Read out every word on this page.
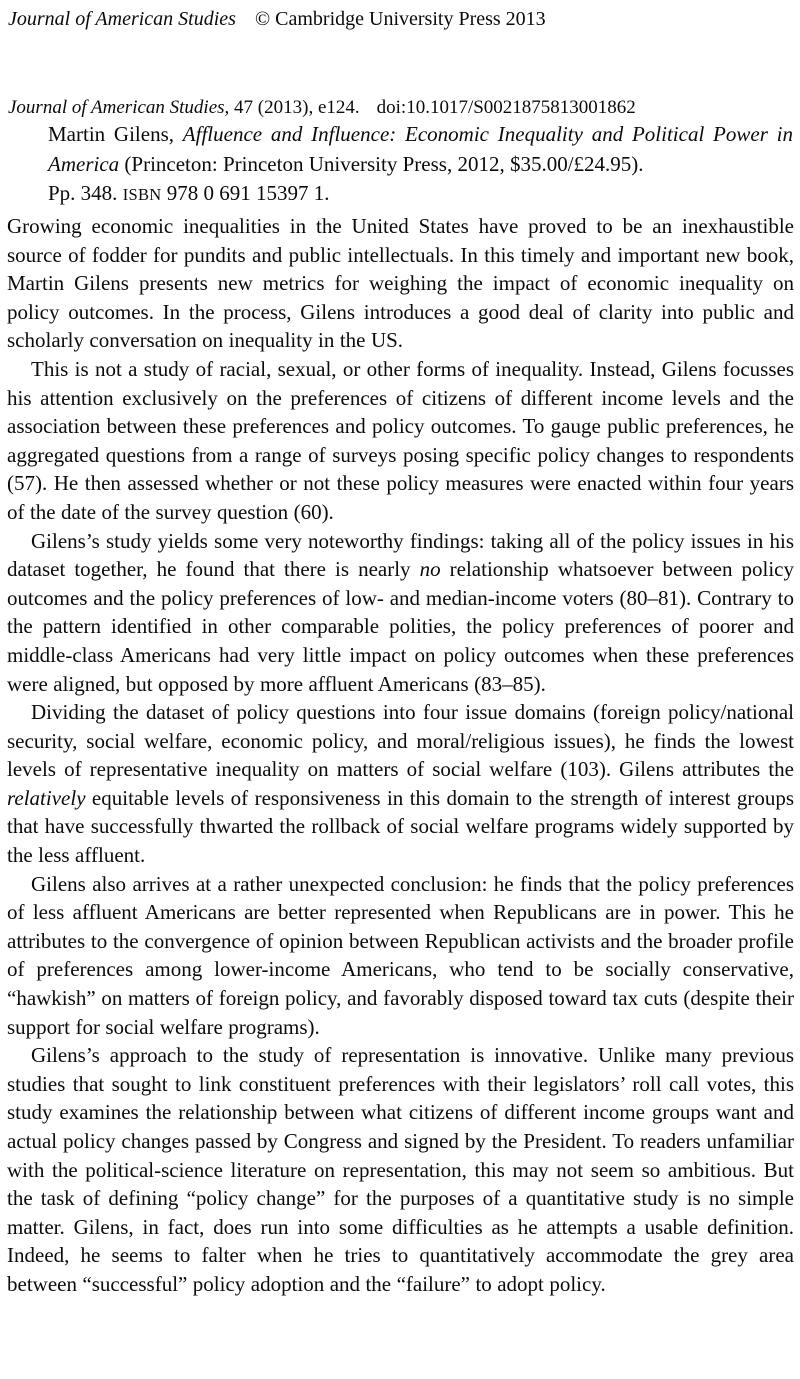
Journal of American Studies © Cambridge University Press 2013
Journal of American Studies, 47 (2013), e124. doi:10.1017/S0021875813001862
Martin Gilens, Affluence and Influence: Economic Inequality and Political Power in America (Princeton: Princeton University Press, 2012, $35.00/£24.95).
Pp. 348. ISBN 978 0 691 15397 1.

Growing economic inequalities in the United States have proved to be an inexhaustible source of fodder for pundits and public intellectuals. In this timely and important new book, Martin Gilens presents new metrics for weighing the impact of economic inequality on policy outcomes. In the process, Gilens introduces a good deal of clarity into public and scholarly conversation on inequality in the US.

This is not a study of racial, sexual, or other forms of inequality. Instead, Gilens focusses his attention exclusively on the preferences of citizens of different income levels and the association between these preferences and policy outcomes. To gauge public preferences, he aggregated questions from a range of surveys posing specific policy changes to respondents (57). He then assessed whether or not these policy measures were enacted within four years of the date of the survey question (60).

Gilens’s study yields some very noteworthy findings: taking all of the policy issues in his dataset together, he found that there is nearly no relationship whatsoever between policy outcomes and the policy preferences of low- and median-income voters (80–81). Contrary to the pattern identified in other comparable polities, the policy preferences of poorer and middle-class Americans had very little impact on policy outcomes when these preferences were aligned, but opposed by more affluent Americans (83–85).

Dividing the dataset of policy questions into four issue domains (foreign policy/national security, social welfare, economic policy, and moral/religious issues), he finds the lowest levels of representative inequality on matters of social welfare (103). Gilens attributes the relatively equitable levels of responsiveness in this domain to the strength of interest groups that have successfully thwarted the rollback of social welfare programs widely supported by the less affluent.

Gilens also arrives at a rather unexpected conclusion: he finds that the policy preferences of less affluent Americans are better represented when Republicans are in power. This he attributes to the convergence of opinion between Republican activists and the broader profile of preferences among lower-income Americans, who tend to be socially conservative, “hawkish” on matters of foreign policy, and favorably disposed toward tax cuts (despite their support for social welfare programs).

Gilens’s approach to the study of representation is innovative. Unlike many previous studies that sought to link constituent preferences with their legislators’ roll call votes, this study examines the relationship between what citizens of different income groups want and actual policy changes passed by Congress and signed by the President. To readers unfamiliar with the political-science literature on representation, this may not seem so ambitious. But the task of defining “policy change” for the purposes of a quantitative study is no simple matter. Gilens, in fact, does run into some difficulties as he attempts a usable definition. Indeed, he seems to falter when he tries to quantitatively accommodate the grey area between “successful” policy adoption and the “failure” to adopt policy.
